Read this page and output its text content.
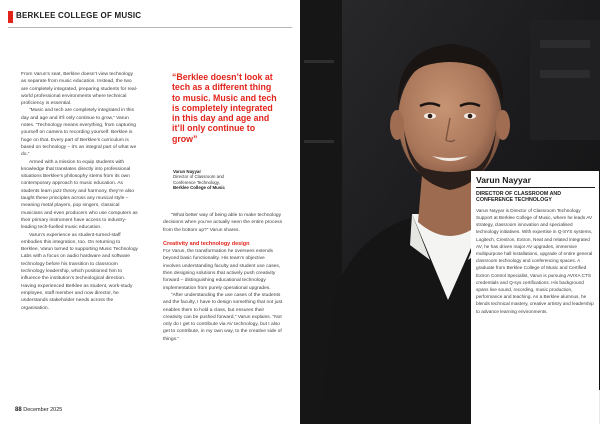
BERKLEE COLLEGE OF MUSIC

From Varun’s seat, Berklee doesn’t view technology as separate from music education. Instead, the two are completely integrated, preparing students for real-world professional environments where technical proficiency is essential.

“Music and tech are completely integrated in this day and age and it’ll only continue to grow,” Varun notes. “Technology means everything, from capturing yourself on camera to recording yourself. Berklee is huge on that. Every part of Berklee’s curriculum is based on technology – it’s an integral part of what we do.”

Armed with a mission to equip students with knowledge that translates directly into professional situations Berklee’s philosophy stems from its own contemporary approach to music education. As students learn jazz theory and harmony, they’re also taught these principles across any musical style – meaning metal players, pop singers, classical musicians and even producers who use computers as their primary instrument have access to industry-leading tech-fuelled music education.

Varun’s experience as student-turned-staff embodies this integration, too. On returning to Berklee, Varun turned to supporting Music Technology Labs with a focus on audio hardware and software technology before his transition to classroom technology leadership, which positioned him to influence the institution’s technological direction. Having experienced Berklee as student, work-study employee, staff member and now director, he understands stakeholder needs across the organisation.

“Berklee doesn’t look at tech as a different thing to music. Music and tech is completely integrated in this day and age and it’ll only continue to grow”

Varun Nayyar
Director of Classroom and
Conference Technology,
Berklee College of Music

“What better way of being able to make technology decisions when you’ve actually seen the entire process from the bottom up?” Varun shares.

Creativity and technology design

For Varun, the transformation he oversees extends beyond basic functionality. His team’s objective involves understanding faculty and student use cases, then designing solutions that actively push creativity forward – distinguishing educational technology implementation from purely operational upgrades.

“After understanding the use cases of the students and the faculty, I have to design something that not just enables them to hold a class, but ensures their creativity can be pushed forward,” Varun explains. “Not only do I get to contribute via AV technology, but I also get to contribute, in my own way, to the creative side of things.”

88 December 2025
Varun Nayyar
DIRECTOR OF CLASSROOM AND CONFERENCE TECHNOLOGY

Varun Nayyar is Director of Classroom Technology Support at Berklee College of Music, where he leads AV strategy, classroom innovation and specialised technology initiatives. With expertise in Q-SYS systems, Logitech, Crestron, Extron, Neat and related integrated AV, he has driven major AV upgrades, immersive multipurpose hall installations, upgrade of entire general classroom technology and conferencing spaces. A graduate from Berklee College of Music and Certified Extron Control Specialist, Varun is pursuing AVIXA CTS credentials and Q-sys certifications. His background spans live sound, recording, music production, performance and teaching. As a Berklee alumnus, he blends technical mastery, creative artistry and leadership to advance learning environments.
